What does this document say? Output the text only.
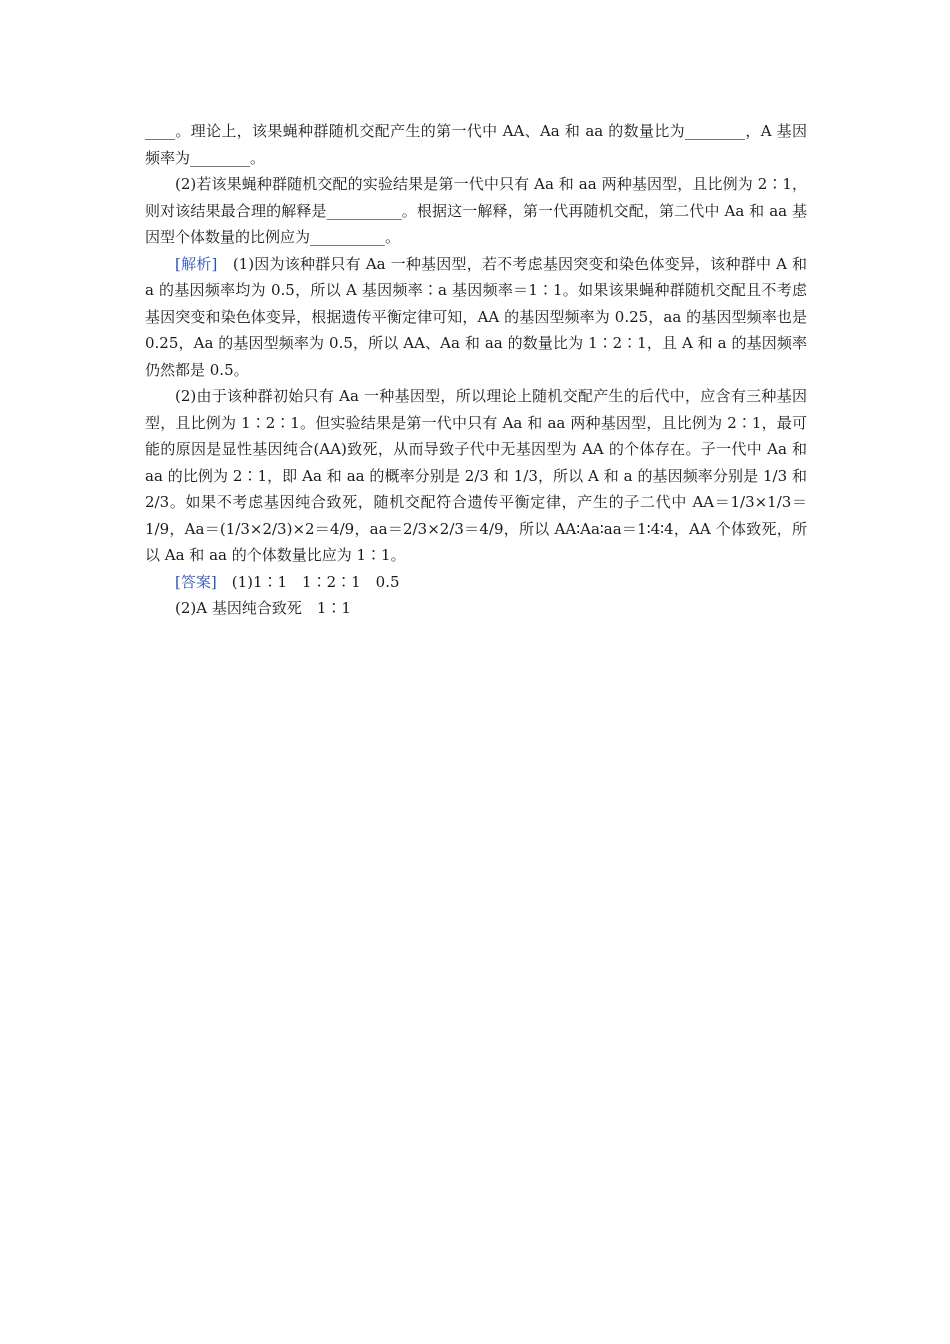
____。理论上，该果蝇种群随机交配产生的第一代中 AA、Aa 和 aa 的数量比为________，A 基因频率为________。

(2)若该果蝇种群随机交配的实验结果是第一代中只有 Aa 和 aa 两种基因型，且比例为 2∶1，则对该结果最合理的解释是__________。根据这一解释，第一代再随机交配，第二代中 Aa 和 aa 基因型个体数量的比例应为__________。

[解析]　(1)因为该种群只有 Aa 一种基因型，若不考虑基因突变和染色体变异，该种群中 A 和 a 的基因频率均为 0.5，所以 A 基因频率∶a 基因频率＝1∶1。如果该果蝇种群随机交配且不考虑基因突变和染色体变异，根据遗传平衡定律可知，AA 的基因型频率为 0.25，aa 的基因型频率也是 0.25，Aa 的基因型频率为 0.5，所以 AA、Aa 和 aa 的数量比为 1∶2∶1，且 A 和 a 的基因频率仍然都是 0.5。

(2)由于该种群初始只有 Aa 一种基因型，所以理论上随机交配产生的后代中，应含有三种基因型，且比例为 1∶2∶1。但实验结果是第一代中只有 Aa 和 aa 两种基因型，且比例为 2∶1，最可能的原因是显性基因纯合(AA)致死，从而导致子代中无基因型为 AA 的个体存在。子一代中 Aa 和 aa 的比例为 2∶1，即 Aa 和 aa 的概率分别是 2/3 和 1/3，所以 A 和 a 的基因频率分别是 1/3 和 2/3。如果不考虑基因纯合致死，随机交配符合遗传平衡定律，产生的子二代中 AA＝1/3×1/3＝1/9，Aa＝(1/3×2/3)×2＝4/9，aa＝2/3×2/3＝4/9，所以 AA∶Aa∶aa＝1∶4∶4，AA 个体致死，所以 Aa 和 aa 的个体数量比应为 1∶1。

[答案]　(1)1∶1　1∶2∶1　0.5

(2)A 基因纯合致死　1∶1
